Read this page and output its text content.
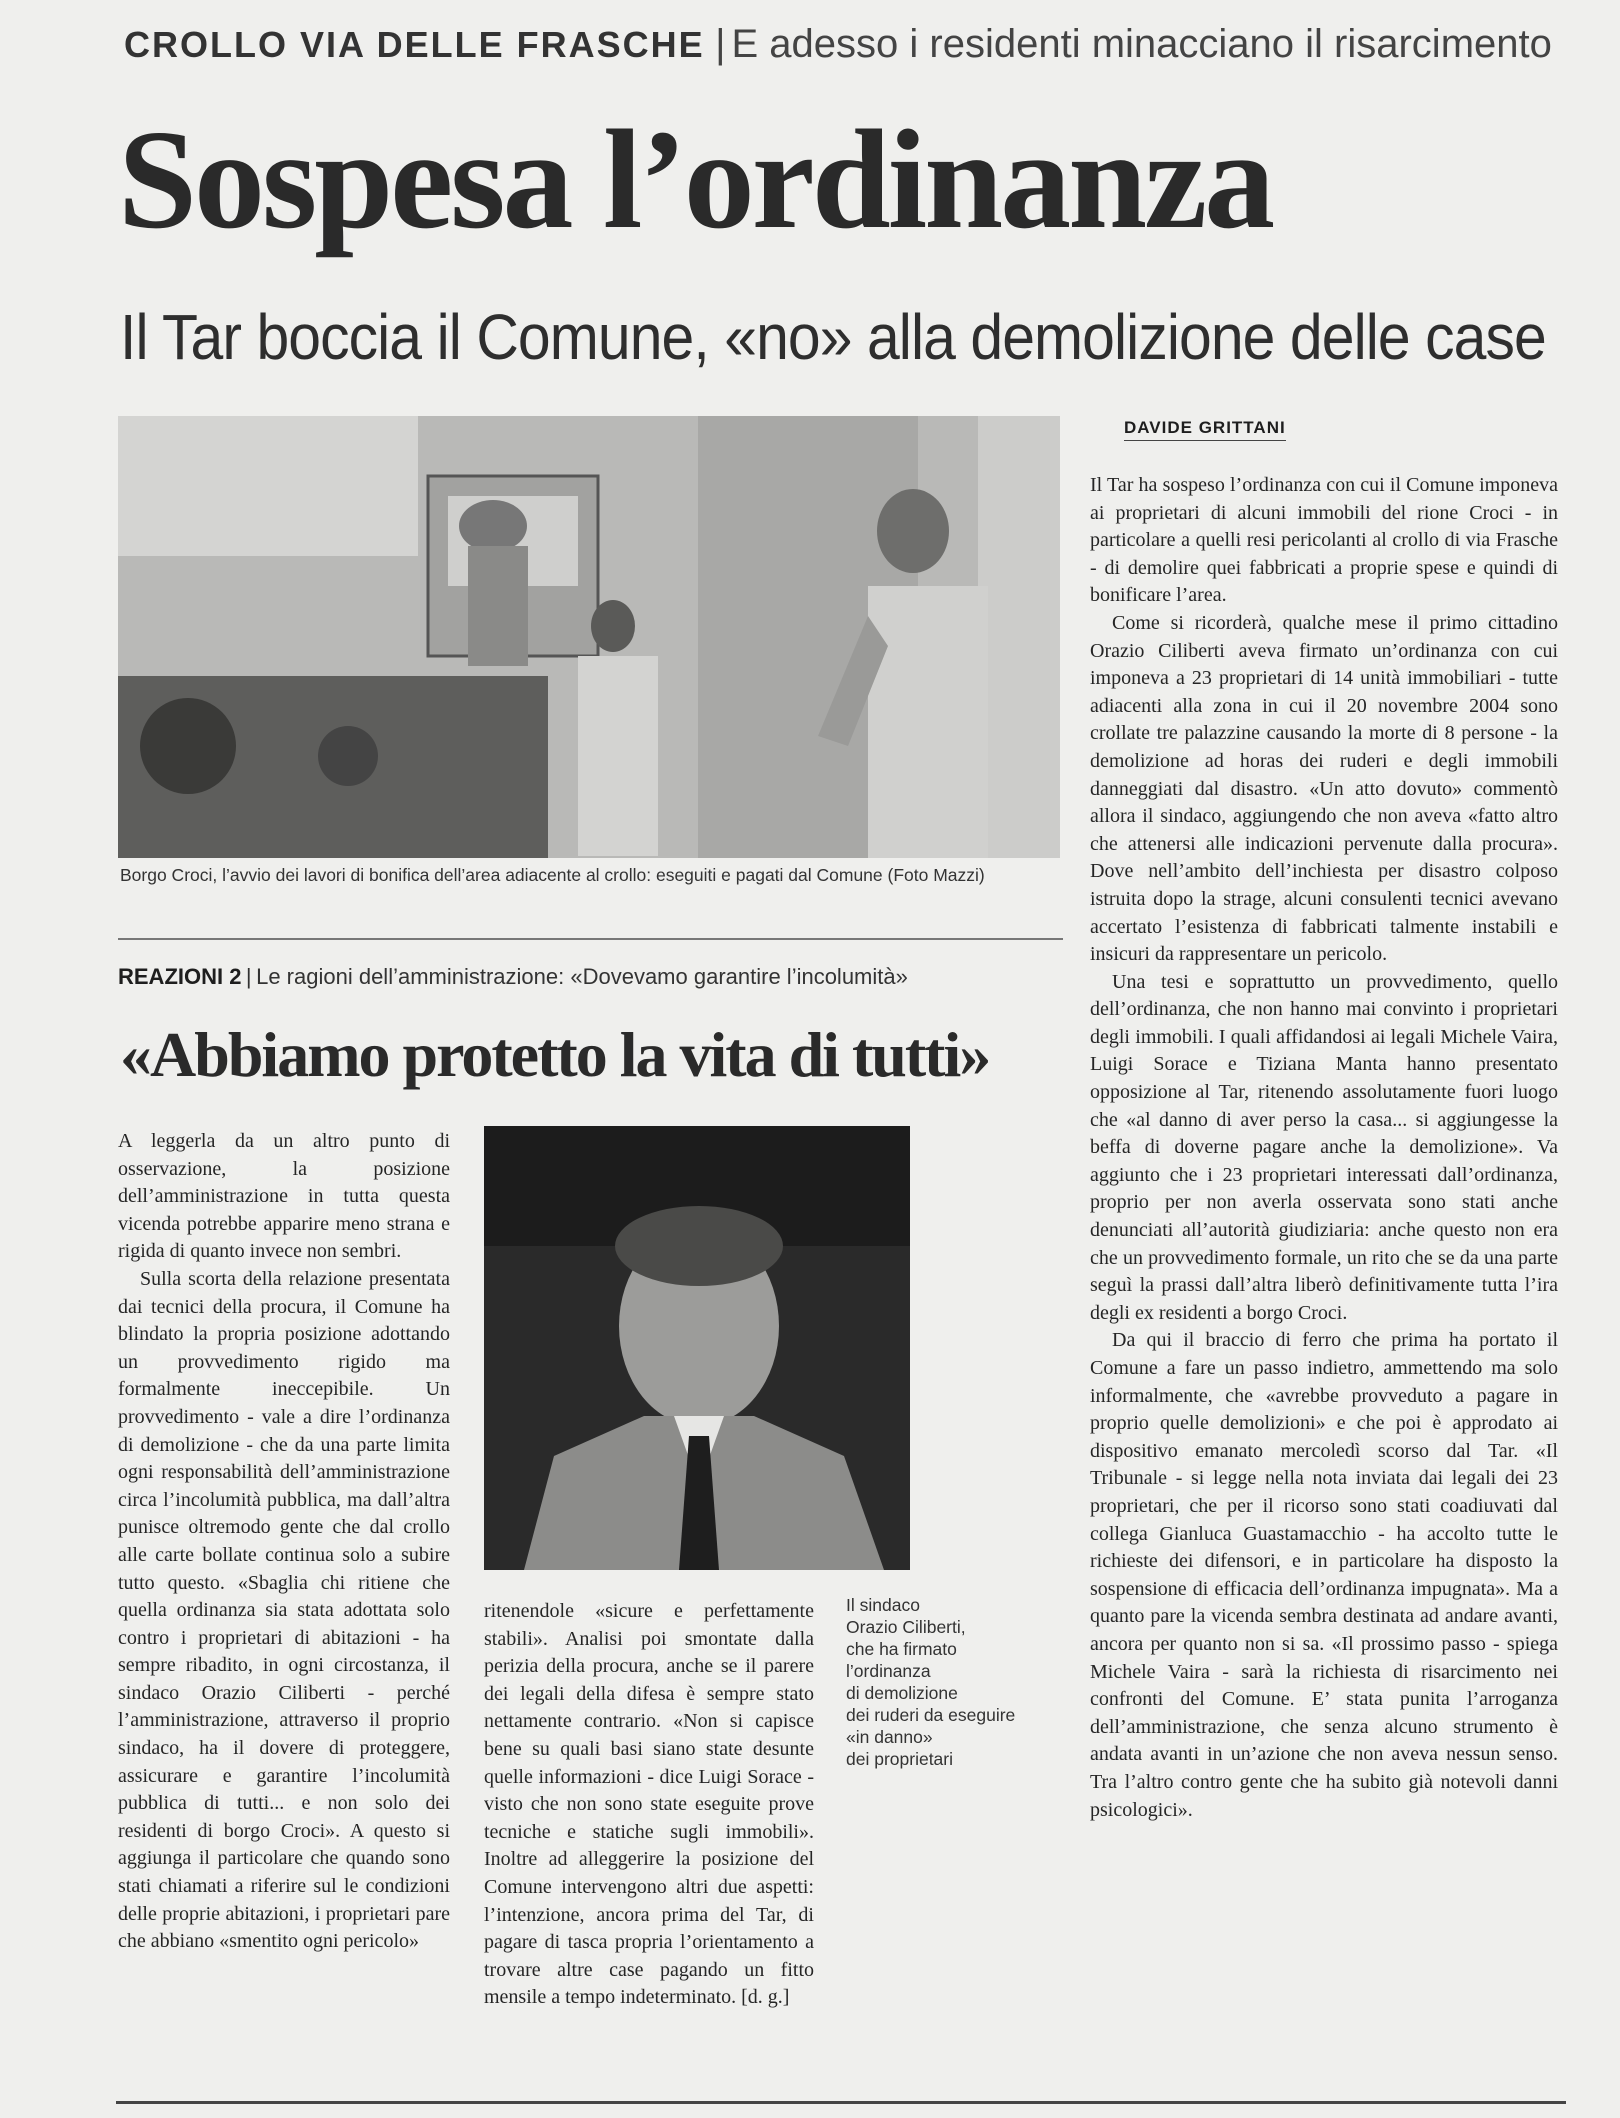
CROLLO VIA DELLE FRASCHE | E adesso i residenti minacciano il risarcimento
Sospesa l’ordinanza
Il Tar boccia il Comune, «no» alla demolizione delle case
Borgo Croci, l’avvio dei lavori di bonifica dell’area adiacente al crollo: eseguiti e pagati dal Comune (Foto Mazzi)
REAZIONI 2 | Le ragioni dell’amministrazione: «Dovevamo garantire l’incolumità»
«Abbiamo protetto la vita di tutti»

A leggerla da un altro punto di osservazione, la posizione dell’amministrazione in tutta questa vicenda potrebbe apparire meno strana e rigida di quanto invece non sembri.

Sulla scorta della relazione presentata dai tecnici della procura, il Comune ha blindato la propria posizione adottando un provvedimento rigido ma formalmente ineccepibile. Un provvedimento - vale a dire l’ordinanza di demolizione - che da una parte limita ogni responsabilità dell’amministrazione circa l’incolumità pubblica, ma dall’altra punisce oltremodo gente che dal crollo alle carte bollate continua solo a subire tutto questo. «Sbaglia chi ritiene che quella ordinanza sia stata adottata solo contro i proprietari di abitazioni - ha sempre ribadito, in ogni circostanza, il sindaco Orazio Ciliberti - perché l’amministrazione, attraverso il proprio sindaco, ha il dovere di proteggere, assicurare e garantire l’incolumità pubblica di tutti... e non solo dei residenti di borgo Croci». A questo si aggiunga il particolare che quando sono stati chiamati a riferire sul le condizioni delle proprie abitazioni, i proprietari pare che abbiano «smentito ogni pericolo»

ritenendole «sicure e perfettamente stabili». Analisi poi smontate dalla perizia della procura, anche se il parere dei legali della difesa è sempre stato nettamente contrario. «Non si capisce bene su quali basi siano state desunte quelle informazioni - dice Luigi Sorace - visto che non sono state eseguite prove tecniche e statiche sugli immobili». Inoltre ad alleggerire la posizione del Comune intervengono altri due aspetti: l’intenzione, ancora prima del Tar, di pagare di tasca propria l’orientamento a trovare altre case pagando un fitto mensile a tempo indeterminato. [d. g.]

Il sindaco
Orazio Ciliberti,
che ha firmato
l’ordinanza
di demolizione
dei ruderi da eseguire
«in danno»
dei proprietari
DAVIDE GRITTANI

Il Tar ha sospeso l’ordinanza con cui il Comune imponeva ai proprietari di alcuni immobili del rione Croci - in particolare a quelli resi pericolanti al crollo di via Frasche - di demolire quei fabbricati a proprie spese e quindi di bonificare l’area.

Come si ricorderà, qualche mese il primo cittadino Orazio Ciliberti aveva firmato un’ordinanza con cui imponeva a 23 proprietari di 14 unità immobiliari - tutte adiacenti alla zona in cui il 20 novembre 2004 sono crollate tre palazzine causando la morte di 8 persone - la demolizione ad horas dei ruderi e degli immobili danneggiati dal disastro. «Un atto dovuto» commentò allora il sindaco, aggiungendo che non aveva «fatto altro che attenersi alle indicazioni pervenute dalla procura». Dove nell’ambito dell’inchiesta per disastro colposo istruita dopo la strage, alcuni consulenti tecnici avevano accertato l’esistenza di fabbricati talmente instabili e insicuri da rappresentare un pericolo.

Una tesi e soprattutto un provvedimento, quello dell’ordinanza, che non hanno mai convinto i proprietari degli immobili. I quali affidandosi ai legali Michele Vaira, Luigi Sorace e Tiziana Manta hanno presentato opposizione al Tar, ritenendo assolutamente fuori luogo che «al danno di aver perso la casa... si aggiungesse la beffa di doverne pagare anche la demolizione». Va aggiunto che i 23 proprietari interessati dall’ordinanza, proprio per non averla osservata sono stati anche denunciati all’autorità giudiziaria: anche questo non era che un provvedimento formale, un rito che se da una parte seguì la prassi dall’altra liberò definitivamente tutta l’ira degli ex residenti a borgo Croci.

Da qui il braccio di ferro che prima ha portato il Comune a fare un passo indietro, ammettendo ma solo informalmente, che «avrebbe provveduto a pagare in proprio quelle demolizioni» e che poi è approdato ai dispositivo emanato mercoledì scorso dal Tar. «Il Tribunale - si legge nella nota inviata dai legali dei 23 proprietari, che per il ricorso sono stati coadiuvati dal collega Gianluca Guastamacchio - ha accolto tutte le richieste dei difensori, e in particolare ha disposto la sospensione di efficacia dell’ordinanza impugnata». Ma a quanto pare la vicenda sembra destinata ad andare avanti, ancora per quanto non si sa. «Il prossimo passo - spiega Michele Vaira - sarà la richiesta di risarcimento nei confronti del Comune. E’ stata punita l’arroganza dell’amministrazione, che senza alcuno strumento è andata avanti in un’azione che non aveva nessun senso. Tra l’altro contro gente che ha subito già notevoli danni psicologici».
